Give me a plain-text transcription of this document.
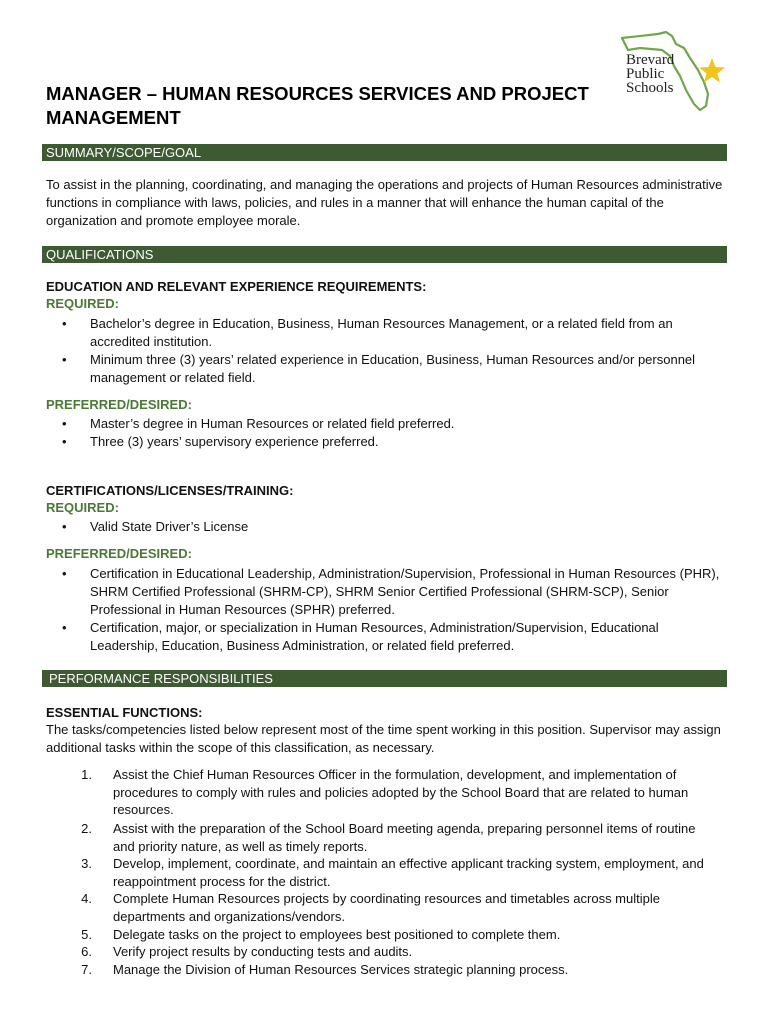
Brevard
Public
Schools
MANAGER – HUMAN RESOURCES SERVICES AND PROJECT MANAGEMENT
SUMMARY/SCOPE/GOAL

To assist in the planning, coordinating, and managing the operations and projects of Human Resources administrative functions in compliance with laws, policies, and rules in a manner that will enhance the human capital of the organization and promote employee morale.

QUALIFICATIONS
EDUCATION AND RELEVANT EXPERIENCE REQUIREMENTS:
REQUIRED:
•	Bachelor’s degree in Education, Business, Human Resources Management, or a related field from an accredited institution.
•	Minimum three (3) years’ related experience in Education, Business, Human Resources and/or personnel management or related field.
PREFERRED/DESIRED:
•	Master’s degree in Human Resources or related field preferred.
•	Three (3) years’ supervisory experience preferred.
CERTIFICATIONS/LICENSES/TRAINING:
REQUIRED:
•	Valid State Driver’s License
PREFERRED/DESIRED:
•	Certification in Educational Leadership, Administration/Supervision, Professional in Human Resources (PHR), SHRM Certified Professional (SHRM-CP), SHRM Senior Certified Professional (SHRM-SCP), Senior Professional in Human Resources (SPHR) preferred.
•	Certification, major, or specialization in Human Resources, Administration/Supervision, Educational Leadership, Education, Business Administration, or related field preferred.
PERFORMANCE RESPONSIBILITIES
ESSENTIAL FUNCTIONS:

The tasks/competencies listed below represent most of the time spent working in this position. Supervisor may assign additional tasks within the scope of this classification, as necessary.

1. Assist the Chief Human Resources Officer in the formulation, development, and implementation of procedures to comply with rules and policies adopted by the School Board that are related to human resources.
2. Assist with the preparation of the School Board meeting agenda, preparing personnel items of routine and priority nature, as well as timely reports.
3. Develop, implement, coordinate, and maintain an effective applicant tracking system, employment, and reappointment process for the district.
4. Complete Human Resources projects by coordinating resources and timetables across multiple departments and organizations/vendors.
5. Delegate tasks on the project to employees best positioned to complete them.
6. Verify project results by conducting tests and audits.
7. Manage the Division of Human Resources Services strategic planning process.
